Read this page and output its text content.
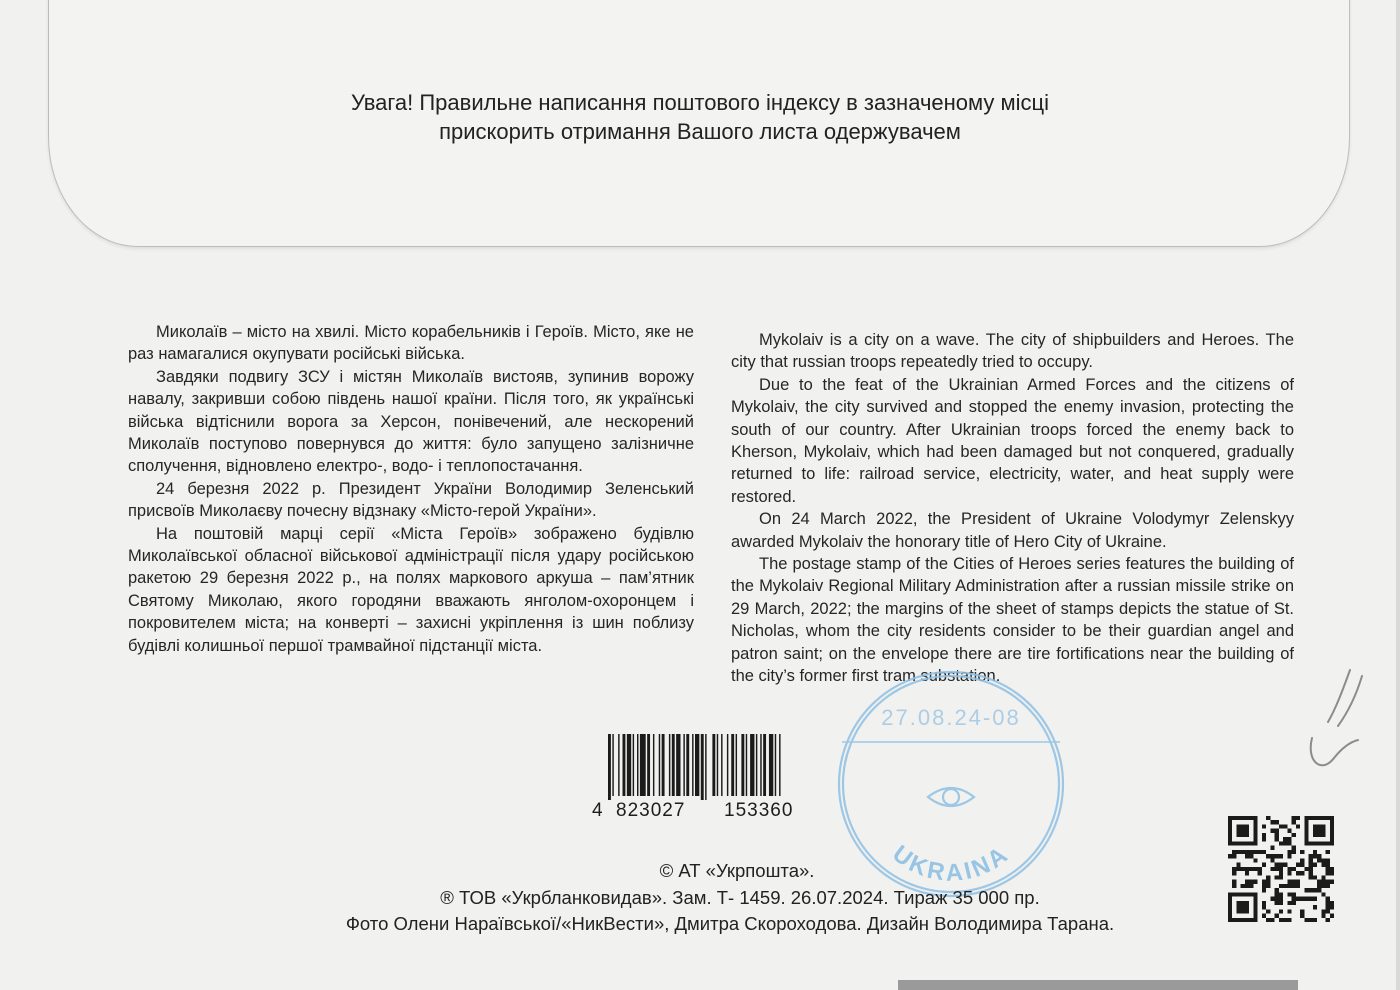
Увага! Правильне написання поштового індексу в зазначеному місці
прискорить отримання Вашого листа одержувачем

Миколаїв – місто на хвилі. Місто корабельників і Героїв. Місто, яке не раз намагалися окупувати російські війська.

Завдяки подвигу ЗСУ і містян Миколаїв вистояв, зупинив ворожу навалу, закривши собою південь нашої країни. Після того, як українські війська відтіснили ворога за Херсон, понівечений, але нескорений Миколаїв поступово повернувся до життя: було запущено залізничне сполучення, відновлено електро-, водо- і теплопостачання.

24 березня 2022 р. Президент України Володимир Зеленський присвоїв Миколаєву почесну відзнаку «Місто-герой України».

На поштовій марці серії «Міста Героїв» зображено будівлю Миколаївської обласної військової адміністрації після удару російською ракетою 29 березня 2022 р., на полях маркового аркуша – пам’ятник Святому Миколаю, якого городяни вважають янголом-охоронцем і покровителем міста; на конверті – захисні укріплення із шин поблизу будівлі колишньої першої трамвайної підстанції міста.

Mykolaiv is a city on a wave. The city of shipbuilders and Heroes. The city that russian troops repeatedly tried to occupy.

Due to the feat of the Ukrainian Armed Forces and the citizens of Mykolaiv, the city survived and stopped the enemy invasion, protecting the south of our country. After Ukrainian troops forced the enemy back to Kherson, Mykolaiv, which had been damaged but not conquered, gradually returned to life: railroad service, electricity, water, and heat supply were restored.

On 24 March 2022, the President of Ukraine Volodymyr Zelenskyy awarded Mykolaiv the honorary title of Hero City of Ukraine.

The postage stamp of the Cities of Heroes series features the building of the Mykolaiv Regional Military Administration after a russian missile strike on 29 March, 2022; the margins of the sheet of stamps depicts the statue of St. Nicholas, whom the city residents consider to be their guardian angel and patron saint; on the envelope there are tire fortifications near the building of the city’s former first tram substation.

27.08.24-08
UKRAINA
4 823027 153360
© АТ «Укрпошта».
® ТОВ «Укрбланковидав». Зам. Т- 1459. 26.07.2024. Тираж 35 000 пр.
Фото Олени Нараївської/«НикВести», Дмитра Скороходова. Дизайн Володимира Тарана.
